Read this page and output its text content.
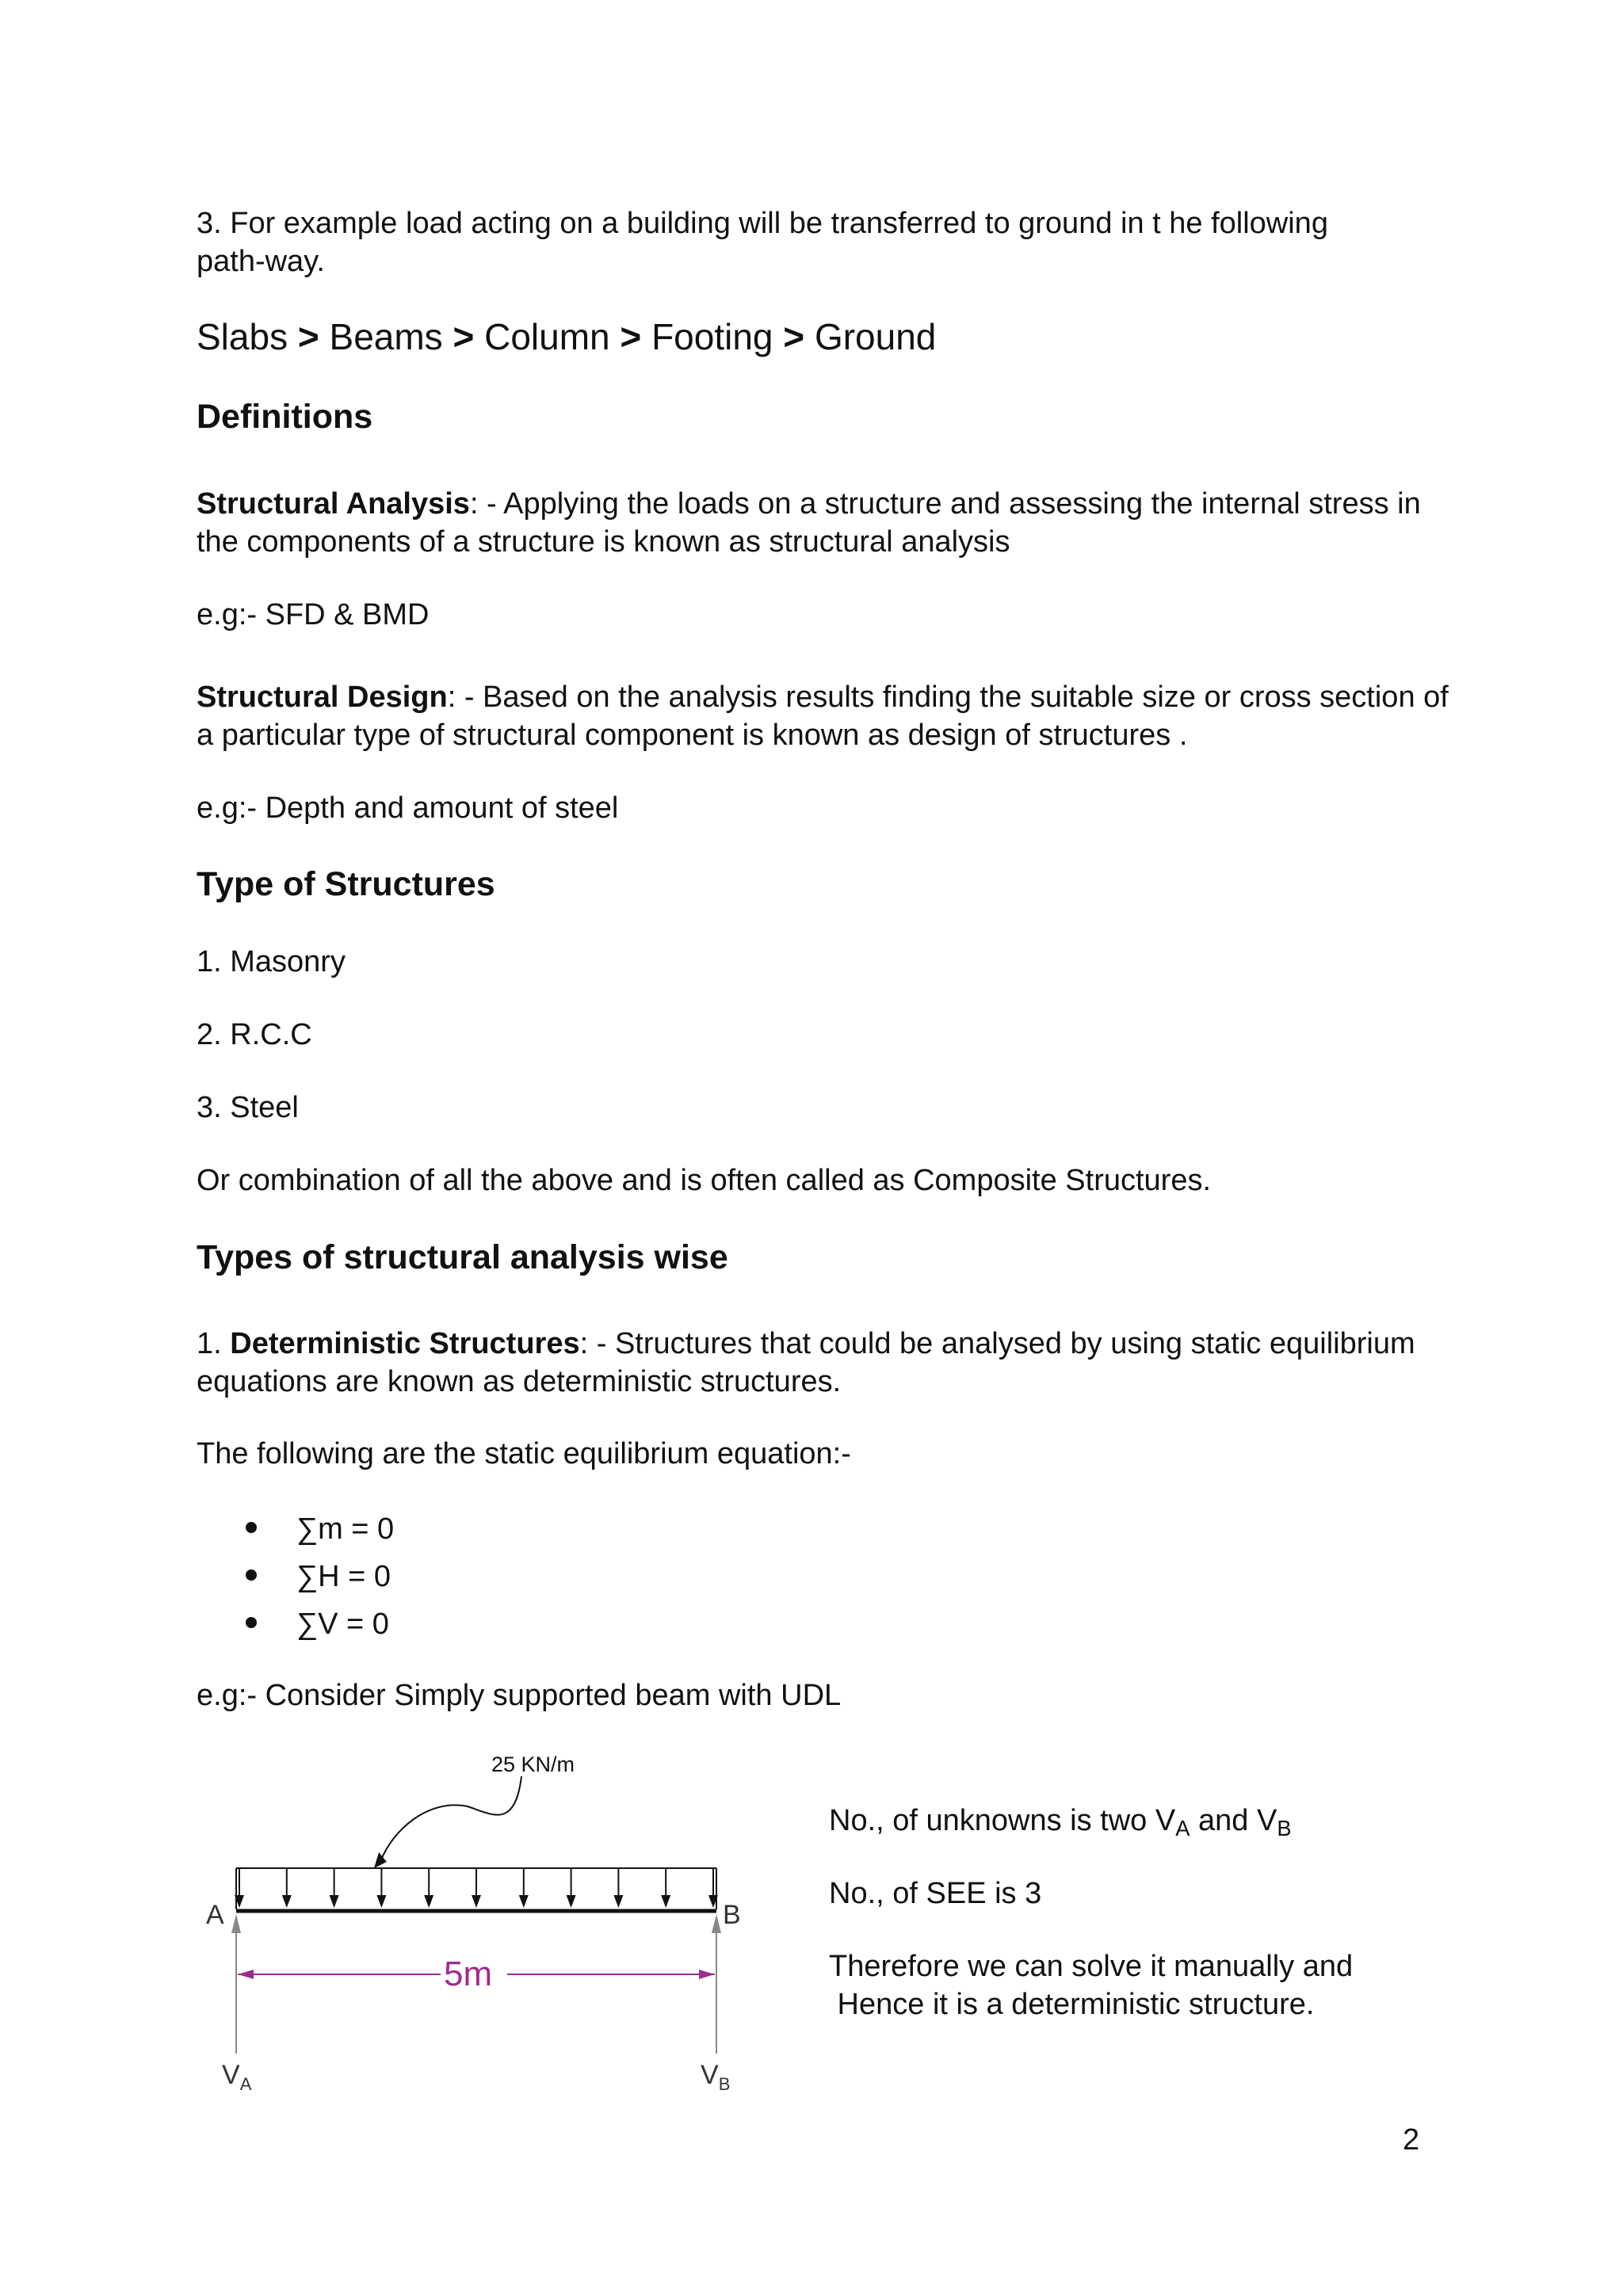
3. For example load acting on a building will be transferred to ground in t he following

path-way.

Slabs > Beams > Column > Footing > Ground

Definitions

Structural Analysis: - Applying the loads on a structure and assessing the internal stress in

the components of a structure is known as structural analysis

e.g:- SFD & BMD

Structural Design: - Based on the analysis results finding the suitable size or cross section of

a particular type of structural component is known as design of structures .

e.g:- Depth and amount of steel

Type of Structures

1. Masonry

2. R.C.C

3. Steel

Or combination of all the above and is often called as Composite Structures.

Types of structural analysis wise

1. Deterministic Structures: - Structures that could be analysed by using static equilibrium

equations are known as deterministic structures.

The following are the static equilibrium equation:-

∑m = 0
∑H = 0
∑V = 0

e.g:- Consider Simply supported beam with UDL

25 KN/m
A	B
5m
$V_A$	$V_B$

No., of unknowns is two $V_A$ and $V_B$

No., of SEE is 3

Therefore we can solve it manually and

Hence it is a deterministic structure.

2
